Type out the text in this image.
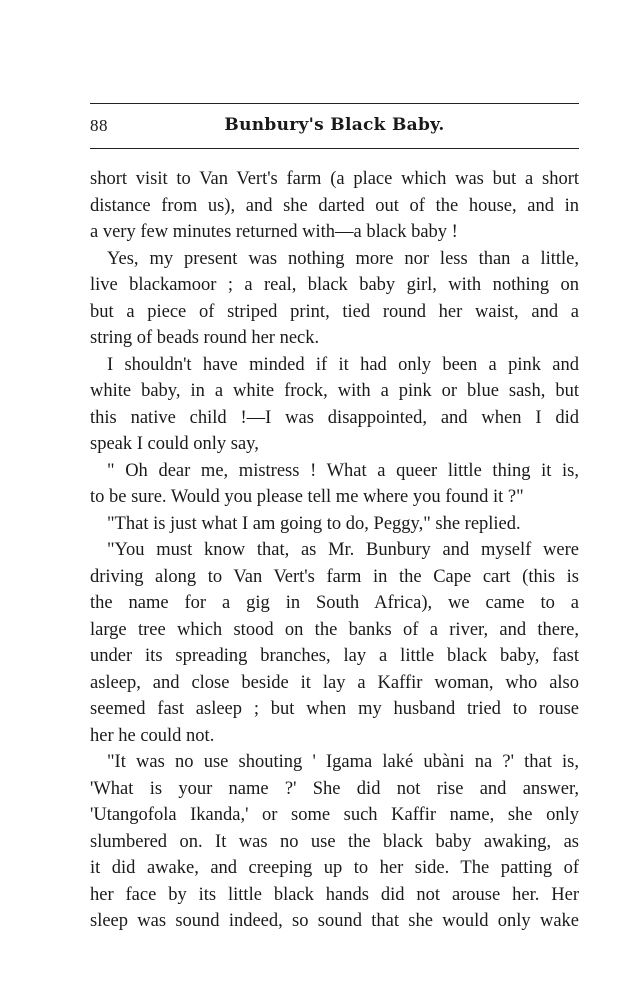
88	Bunbury's Black Baby.
short visit to Van Vert's farm (a place which was but a short
distance from us), and she darted out of the house, and in
a very few minutes returned with—a black baby !
Yes, my present was nothing more nor less than a little,
live blackamoor ; a real, black baby girl, with nothing on
but a piece of striped print, tied round her waist, and a
string of beads round her neck.
I shouldn't have minded if it had only been a pink and
white baby, in a white frock, with a pink or blue sash, but
this native child !—I was disappointed, and when I did
speak I could only say,
" Oh dear me, mistress ! What a queer little thing it is,
to be sure. Would you please tell me where you found it ?"
"That is just what I am going to do, Peggy," she replied.
"You must know that, as Mr. Bunbury and myself were
driving along to Van Vert's farm in the Cape cart (this is
the name for a gig in South Africa), we came to a
large tree which stood on the banks of a river, and there,
under its spreading branches, lay a little black baby, fast
asleep, and close beside it lay a Kaffir woman, who also
seemed fast asleep ; but when my husband tried to rouse
her he could not.
"It was no use shouting ' Igama laké ubàni na ?' that is,
'What is your name ?' She did not rise and answer,
'Utangofola Ikanda,' or some such Kaffir name, she only
slumbered on. It was no use the black baby awaking, as
it did awake, and creeping up to her side. The patting of
her face by its little black hands did not arouse her. Her
sleep was sound indeed, so sound that she would only wake
